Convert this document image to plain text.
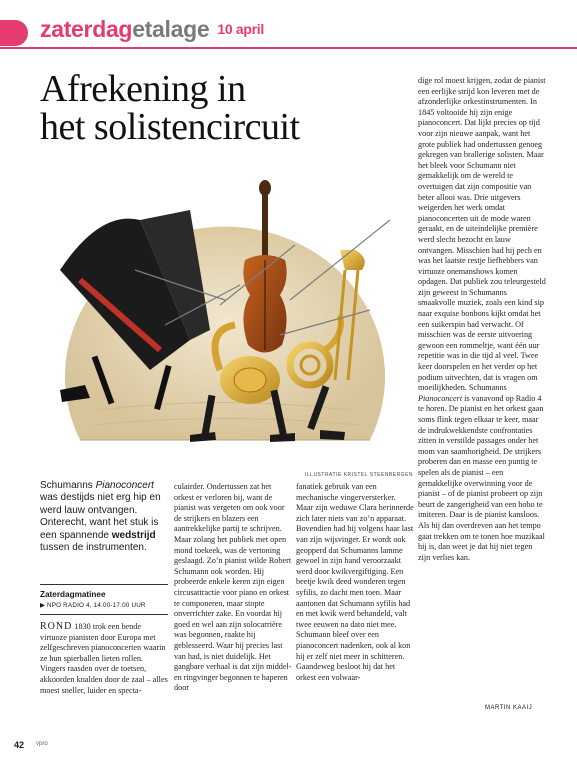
zaterdagetalage 10 april
Afrekening in
het solistencircuit
ILLUSTRATIE KRISTEL STEENBERGEN
dige rol moest krijgen, zodat de pianist een eerlijke strijd kon leveren met de afzonderlijke orkestinstrumenten. In 1845 voltooide hij zijn enige pianoconcert. Dat lijkt precies op tijd voor zijn nieuwe aanpak, want het grote publiek had ondertussen genoeg gekregen van brallerige solisten. Maar het bleek voor Schumann niet gemakkelijk om de wereld te overtuigen dat zijn compositie van beter allooi was. Drie uitgevers weigerden het werk omdat pianoconcerten uit de mode waren geraakt, en de uiteindelijke première werd slecht bezocht en lauw ontvangen. Misschien had hij pech en was het laatste restje liefhebbers van virtuoze onemanshows komen opdagen. Dat publiek zou teleurgesteld zijn geweest in Schumanns smaakvolle muziek, zoals een kind sip naar exquise bonbons kijkt omdat het een suikerspin had verwacht. Of misschien was de eerste uitvoering gewoon een rommeltje, want één uur repetitie was in die tijd al veel. Twee keer doorspelen en het verder op het podium uitvechten, dat is vragen om moeilijkheden. Schumanns Pianoconcert is vanavond op Radio 4 te horen. De pianist en het orkest gaan soms flink tegen elkaar te keer, maar de indrukwekkendste confrontaties zitten in verstilde passages onder het mom van saamhorigheid. De strijkers proberen dan en masse een puntig te spelen als de pianist – een gemakkelijke overwinning voor de pianist – of de pianist probeert op zijn beurt de zangerigheid van een hobo te imiteren. Daar is de pianist kansloos. Als hij dan overdreven aan het tempo gaat trekken om te tonen hoe muzikaal hij is, dan weet je dat hij niet tegen zijn verlies kan.
Schumanns Pianoconcert was destijds niet erg hip en werd lauw ontvangen. Onterecht, want het stuk is een spannende wedstrijd tussen de instrumenten.
Zaterdagmatinee
▶ NPO RADIO 4, 14.00-17.00 UUR
ROND 1830 trok een bende virtuoze pianisten door Europa met zelfgeschreven pianoconcerten waarin ze hun spierballen lieten rollen. Vingers raasden over de toetsen, akkoorden knalden door de zaal – alles moest sneller, luider en specta-
culairder. Ondertussen zat het orkest er verloren bij, want de pianist was vergeten om ook voor de strijkers en blazers een aantrekkelijke partij te schrijven. Maar zolang het publiek met open mond toekeek, was de vertoning geslaagd. Zo’n pianist wilde Robert Schumann ook worden. Hij probeerde enkele keren zijn eigen circusattractie voor piano en orkest te componeren, maar stopte onverrichter zake. En voordat hij goed en wel aan zijn solocarrière was begonnen, raakte hij geblesseerd. Waar hij precies last van had, is niet duidelijk. Het gangbare verhaal is dat zijn middel- en ringvinger begonnen te haperen door
fanatiek gebruik van een mechanische vingerversterker. Maar zijn weduwe Clara herinnerde zich later niets van zo’n apparaat. Bovendien had hij volgens haar last van zijn wijsvinger. Er wordt ook geopperd dat Schumanns lamme gewoel in zijn hand veroorzaakt werd door kwikvergiftiging. Een beetje kwik deed wonderen tegen syfilis, zo dacht men toen. Maar aantonen dat Schumann syfilis had en met kwik werd behandeld, valt twee eeuwen na dato niet mee. Schumann bleef over een pianoconcert nadenken, ook al kon hij er zelf niet meer in schitteren. Gaandeweg besloot hij dat het orkest een volwaar-
MARTIN KAAIJ
42 vpro
